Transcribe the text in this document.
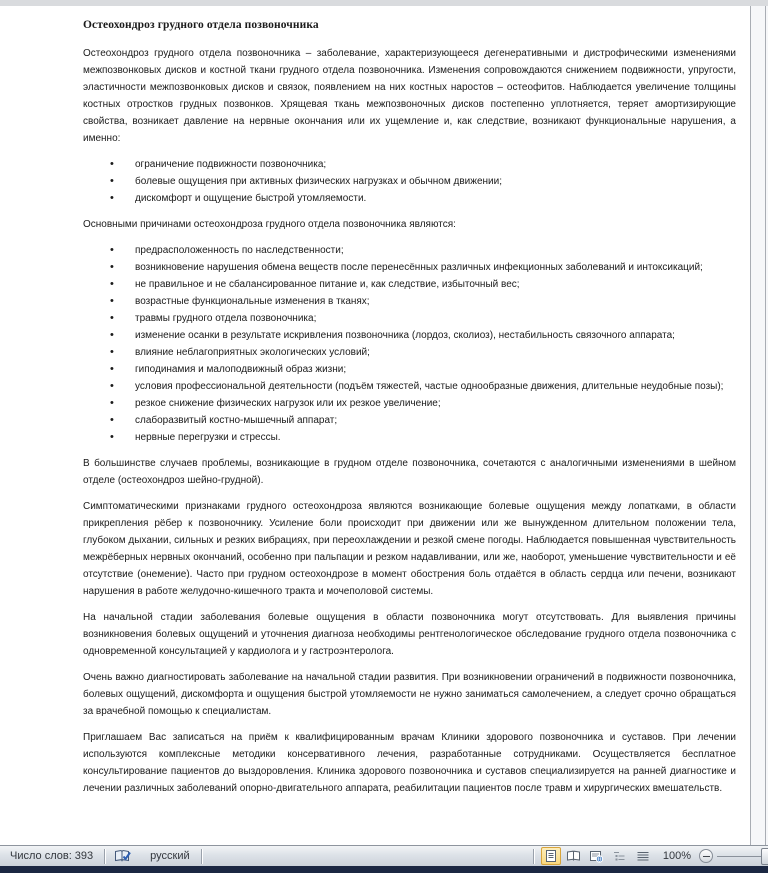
Остеохондроз грудного отдела позвоночника

Остеохондроз грудного отдела позвоночника – заболевание, характеризующееся дегенеративными и дистрофическими изменениями межпозвонковых дисков и костной ткани грудного отдела позвоночника. Изменения сопровождаются снижением подвижности, упругости, эластичности межпозвонковых дисков и связок, появлением на них костных наростов – остеофитов. Наблюдается увеличение толщины костных отростков грудных позвонков. Хрящевая ткань межпозвоночных дисков постепенно уплотняется, теряет амортизирующие свойства, возникает давление на нервные окончания или их ущемление и, как следствие, возникают функциональные нарушения, а именно:

• ограничение подвижности позвоночника;
• болевые ощущения при активных физических нагрузках и обычном движении;
• дискомфорт и ощущение быстрой утомляемости.

Основными причинами остеохондроза грудного отдела позвоночника являются:

• предрасположенность по наследственности;
• возникновение нарушения обмена веществ после перенесённых различных инфекционных заболеваний и интоксикаций;
• не правильное и не сбалансированное питание и, как следствие, избыточный вес;
• возрастные функциональные изменения в тканях;
• травмы грудного отдела позвоночника;
• изменение осанки в результате искривления позвоночника (лордоз, сколиоз), нестабильность связочного аппарата;
• влияние неблагоприятных экологических условий;
• гиподинамия и малоподвижный образ жизни;
• условия профессиональной деятельности (подъём тяжестей, частые однообразные движения, длительные неудобные позы);
• резкое снижение физических нагрузок или их резкое увеличение;
• слаборазвитый костно-мышечный аппарат;
• нервные перегрузки и стрессы.

В большинстве случаев проблемы, возникающие в грудном отделе позвоночника, сочетаются с аналогичными изменениями в шейном отделе (остеохондроз шейно-грудной).

Симптоматическими признаками грудного остеохондроза являются возникающие болевые ощущения между лопатками, в области прикрепления рёбер к позвоночнику. Усиление боли происходит при движении или же вынужденном длительном положении тела, глубоком дыхании, сильных и резких вибрациях, при переохлаждении и резкой смене погоды. Наблюдается повышенная чувствительность межрёберных нервных окончаний, особенно при пальпации и резком надавливании, или же, наоборот, уменьшение чувствительности и её отсутствие (онемение). Часто при грудном остеохондрозе в момент обострения боль отдаётся в область сердца или печени, возникают нарушения в работе желудочно-кишечного тракта и мочеполовой системы.

На начальной стадии заболевания болевые ощущения в области позвоночника могут отсутствовать. Для выявления причины возникновения болевых ощущений и уточнения диагноза необходимы рентгенологическое обследование грудного отдела позвоночника с одновременной консультацией у кардиолога и у гастроэнтеролога.

Очень важно диагностировать заболевание на начальной стадии развития. При возникновении ограничений в подвижности позвоночника, болевых ощущений, дискомфорта и ощущения быстрой утомляемости не нужно заниматься самолечением, а следует срочно обращаться за врачебной помощью к специалистам.

Приглашаем Вас записаться на приём к квалифицированным врачам Клиники здорового позвоночника и суставов. При лечении используются комплексные методики консервативного лечения, разработанные сотрудниками. Осуществляется бесплатное консультирование пациентов до выздоровления. Клиника здорового позвоночника и суставов специализируется на ранней диагностике и лечении различных заболеваний опорно-двигательного аппарата, реабилитации пациентов после травм и хирургических вмешательств.

Число слов: 393	русский	100%
